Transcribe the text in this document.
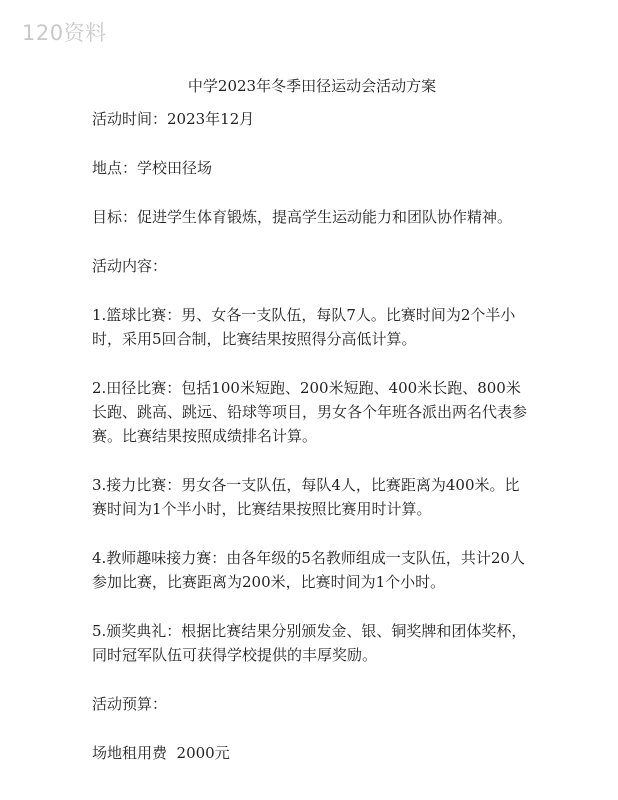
120资料
中学2023年冬季田径运动会活动方案

活动时间：2023年12月

地点：学校田径场

目标：促进学生体育锻炼，提高学生运动能力和团队协作精神。

活动内容：

1.篮球比赛：男、女各一支队伍，每队7人。比赛时间为2个半小时，采用5回合制，比赛结果按照得分高低计算。

2.田径比赛：包括100米短跑、200米短跑、400米长跑、800米长跑、跳高、跳远、铅球等项目，男女各个年班各派出两名代表参赛。比赛结果按照成绩排名计算。

3.接力比赛：男女各一支队伍，每队4人，比赛距离为400米。比赛时间为1个半小时，比赛结果按照比赛用时计算。

4.教师趣味接力赛：由各年级的5名教师组成一支队伍，共计20人参加比赛，比赛距离为200米，比赛时间为1个小时。

5.颁奖典礼：根据比赛结果分别颁发金、银、铜奖牌和团体奖杯，同时冠军队伍可获得学校提供的丰厚奖励。

活动预算：

场地租用费  2000元
